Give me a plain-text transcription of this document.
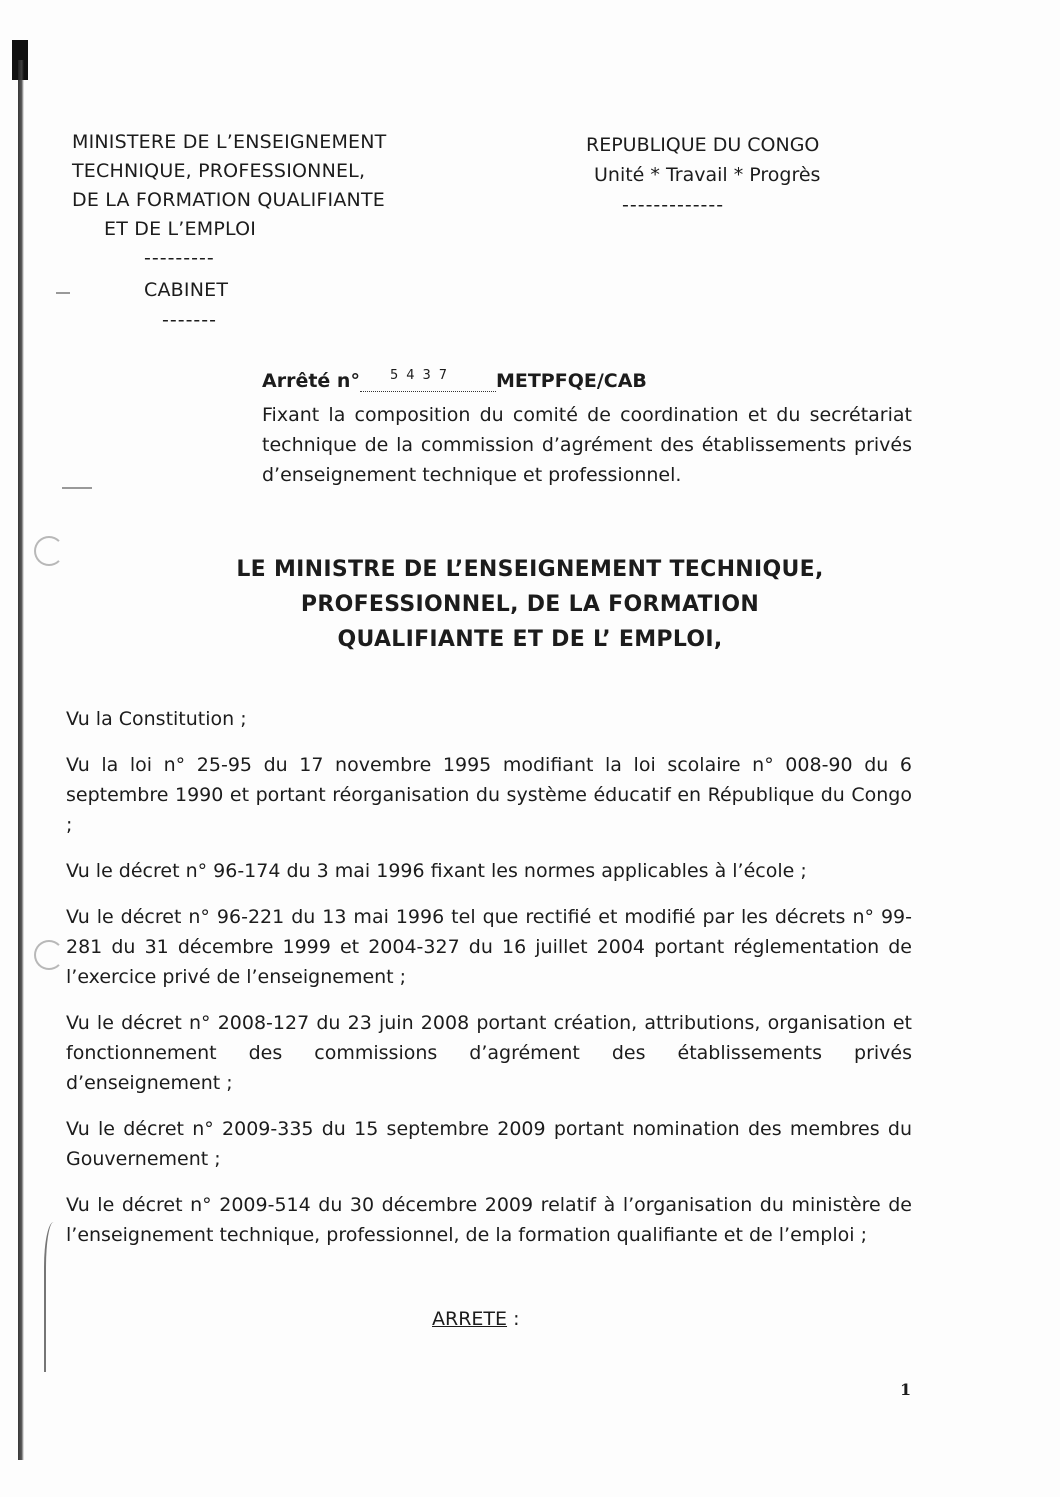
MINISTERE DE L’ENSEIGNEMENT
TECHNIQUE, PROFESSIONNEL,
DE LA FORMATION QUALIFIANTE
ET DE L’EMPLOI
---------
CABINET
-------
REPUBLIQUE DU CONGO
Unité * Travail * Progrès
-------------
Arrêté n° 5437 METPFQE/CAB
Fixant la composition du comité de coordination et du secrétariat technique de la commission d’agrément des établissements privés d’enseignement technique et professionnel.
LE MINISTRE DE L’ENSEIGNEMENT TECHNIQUE,
PROFESSIONNEL, DE LA FORMATION
QUALIFIANTE ET DE L’ EMPLOI,

Vu la Constitution ;

Vu la loi n° 25-95 du 17 novembre 1995 modifiant la loi scolaire n° 008-90 du 6 septembre 1990 et portant réorganisation du système éducatif en République du Congo ;

Vu le décret n° 96-174 du 3 mai 1996 fixant les normes applicables à l’école ;

Vu le décret n° 96-221 du 13 mai 1996 tel que rectifié et modifié par les décrets n° 99-281 du 31 décembre 1999 et 2004-327 du 16 juillet 2004 portant réglementation de l’exercice privé de l’enseignement ;

Vu le décret n° 2008-127 du 23 juin 2008 portant création, attributions, organisation et fonctionnement des commissions d’agrément des établissements privés d’enseignement ;

Vu le décret n° 2009-335 du 15 septembre 2009 portant nomination des membres du Gouvernement ;

Vu le décret n° 2009-514 du 30 décembre 2009 relatif à l’organisation du ministère de l’enseignement technique, professionnel, de la formation qualifiante et de l’emploi ;

ARRETE :
1
